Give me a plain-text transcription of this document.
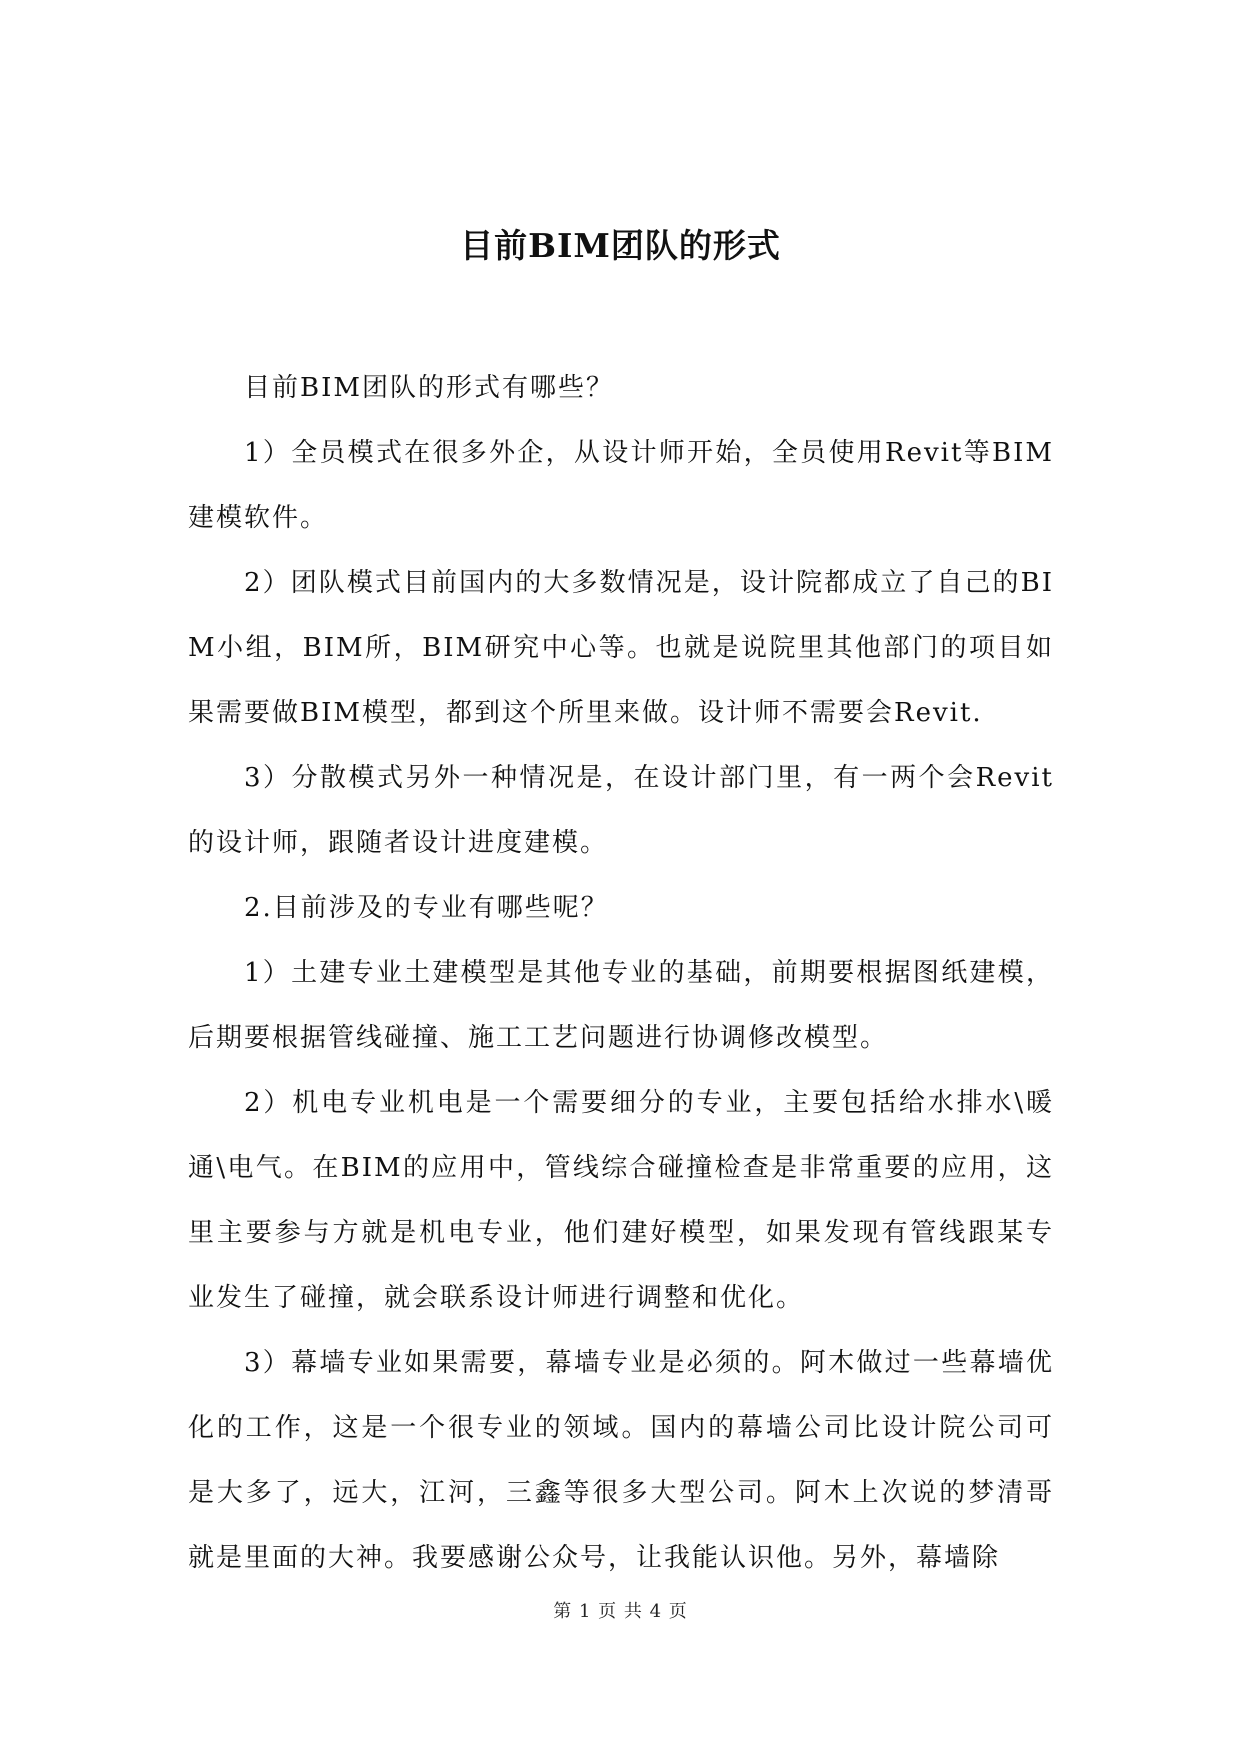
目前BIM团队的形式

目前BIM团队的形式有哪些？

1）全员模式在很多外企，从设计师开始，全员使用Revit等BIM建模软件。

2）团队模式目前国内的大多数情况是，设计院都成立了自己的BIM小组，BIM所，BIM研究中心等。也就是说院里其他部门的项目如果需要做BIM模型，都到这个所里来做。设计师不需要会Revit.

3）分散模式另外一种情况是，在设计部门里，有一两个会Revit的设计师，跟随者设计进度建模。

2.目前涉及的专业有哪些呢？

1）土建专业土建模型是其他专业的基础，前期要根据图纸建模，后期要根据管线碰撞、施工工艺问题进行协调修改模型。

2）机电专业机电是一个需要细分的专业，主要包括给水排水\暖通\电气。在BIM的应用中，管线综合碰撞检查是非常重要的应用，这里主要参与方就是机电专业，他们建好模型，如果发现有管线跟某专业发生了碰撞，就会联系设计师进行调整和优化。

3）幕墙专业如果需要，幕墙专业是必须的。阿木做过一些幕墙优化的工作，这是一个很专业的领域。国内的幕墙公司比设计院公司可是大多了，远大，江河，三鑫等很多大型公司。阿木上次说的梦清哥就是里面的大神。我要感谢公众号，让我能认识他。另外，幕墙除

第 1 页 共 4 页
